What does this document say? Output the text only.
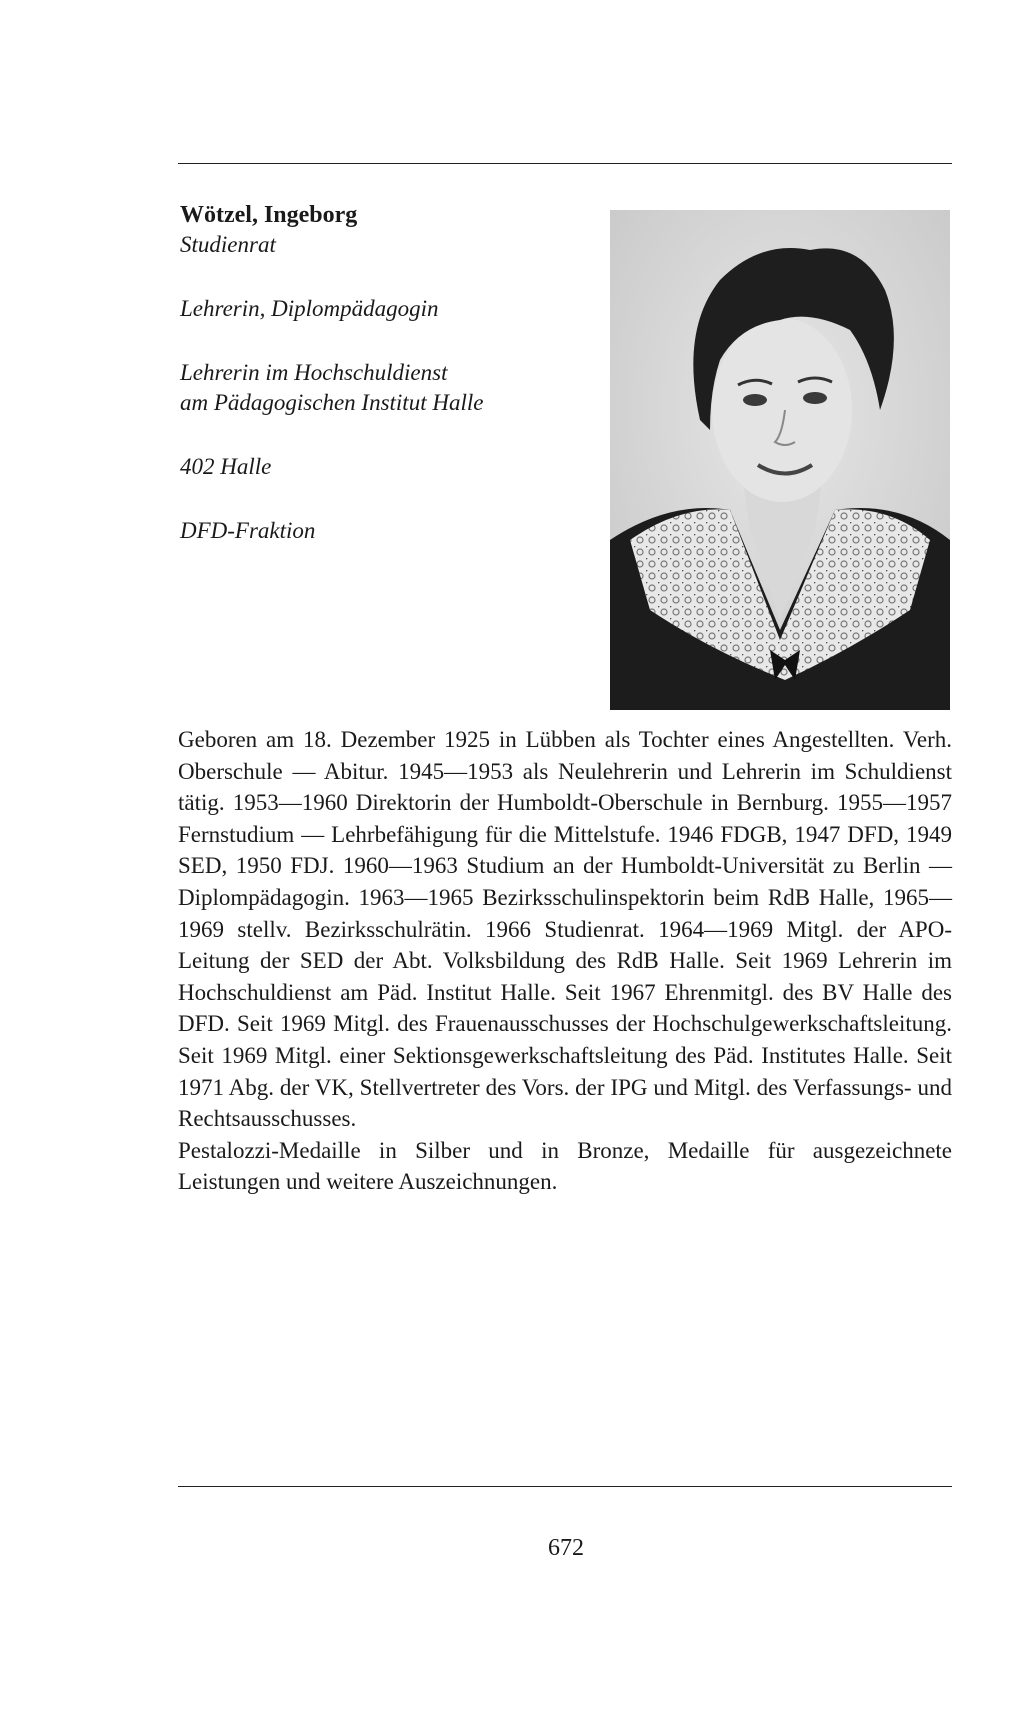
Wötzel, Ingeborg

Studienrat

Lehrerin, Diplompädagogin

Lehrerin im Hochschuldienst

am Pädagogischen Institut Halle

402 Halle

DFD-Fraktion

Geboren am 18. Dezember 1925 in Lübben als Tochter eines Angestellten. Verh. Oberschule — Abitur. 1945—1953 als Neulehrerin und Lehrerin im Schuldienst tätig. 1953—1960 Direktorin der Humboldt-Oberschule in Bernburg. 1955—1957 Fernstudium — Lehrbefähigung für die Mittelstufe. 1946 FDGB, 1947 DFD, 1949 SED, 1950 FDJ. 1960—1963 Studium an der Humboldt-Universität zu Berlin — Diplompädagogin. 1963—1965 Bezirksschulinspektorin beim RdB Halle, 1965—1969 stellv. Bezirksschulrätin. 1966 Studienrat. 1964—1969 Mitgl. der APO-Leitung der SED der Abt. Volksbildung des RdB Halle. Seit 1969 Lehrerin im Hochschuldienst am Päd. Institut Halle. Seit 1967 Ehrenmitgl. des BV Halle des DFD. Seit 1969 Mitgl. des Frauenausschusses der Hochschulgewerkschaftsleitung. Seit 1969 Mitgl. einer Sektionsgewerkschaftsleitung des Päd. Institutes Halle. Seit 1971 Abg. der VK, Stellvertreter des Vors. der IPG und Mitgl. des Verfassungs- und Rechtsausschusses.

Pestalozzi-Medaille in Silber und in Bronze, Medaille für ausgezeichnete Leistungen und weitere Auszeichnungen.

672
